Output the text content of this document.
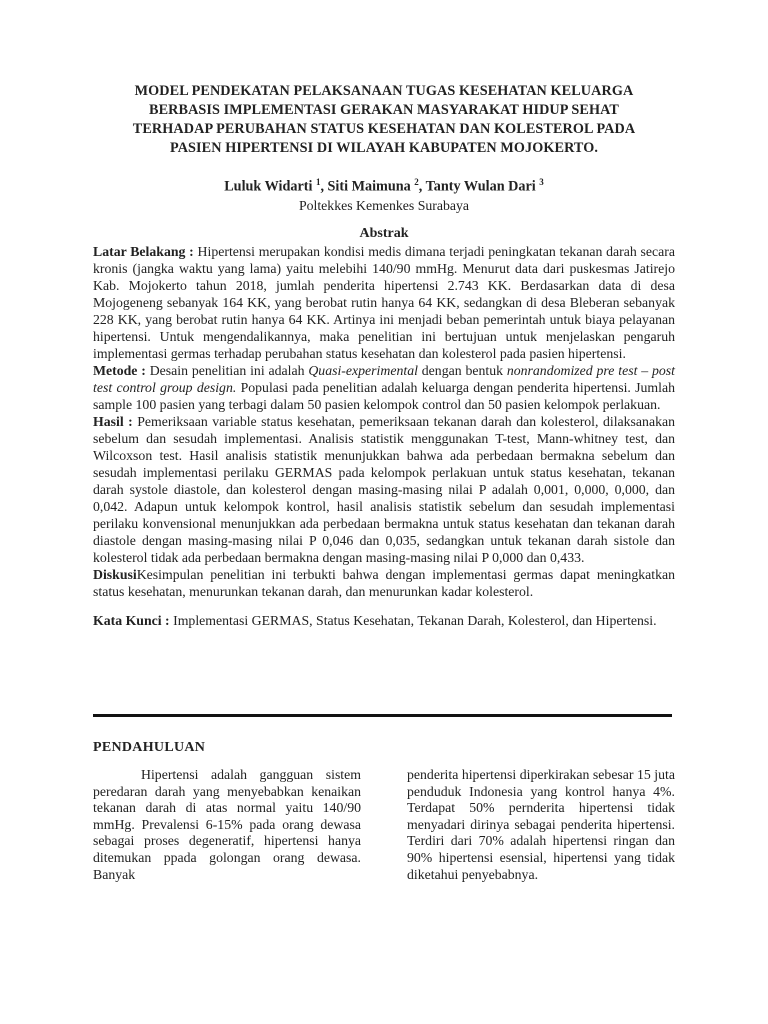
MODEL PENDEKATAN PELAKSANAAN TUGAS KESEHATAN KELUARGA
BERBASIS IMPLEMENTASI GERAKAN MASYARAKAT HIDUP SEHAT
TERHADAP PERUBAHAN STATUS KESEHATAN DAN KOLESTEROL PADA
PASIEN HIPERTENSI DI WILAYAH KABUPATEN MOJOKERTO.
Luluk Widarti $^1$, Siti Maimuna $^2$, Tanty Wulan Dari $^3$
Poltekkes Kemenkes Surabaya
Abstrak

Latar Belakang : Hipertensi merupakan kondisi medis dimana terjadi peningkatan tekanan darah secara kronis (jangka waktu yang lama) yaitu melebihi 140/90 mmHg. Menurut data dari puskesmas Jatirejo Kab. Mojokerto tahun 2018, jumlah penderita hipertensi 2.743 KK. Berdasarkan data di desa Mojogeneng sebanyak 164 KK, yang berobat rutin hanya 64 KK, sedangkan di desa Bleberan sebanyak 228 KK, yang berobat rutin hanya 64 KK. Artinya ini menjadi beban pemerintah untuk biaya pelayanan hipertensi. Untuk mengendalikannya, maka penelitian ini bertujuan untuk menjelaskan pengaruh implementasi germas terhadap perubahan status kesehatan dan kolesterol pada pasien hipertensi.

Metode : Desain penelitian ini adalah Quasi-experimental dengan bentuk nonrandomized pre test – post test control group design. Populasi pada penelitian adalah keluarga dengan penderita hipertensi. Jumlah sample 100 pasien yang terbagi dalam 50 pasien kelompok control dan 50 pasien kelompok perlakuan.

Hasil : Pemeriksaan variable status kesehatan, pemeriksaan tekanan darah dan kolesterol, dilaksanakan sebelum dan sesudah implementasi. Analisis statistik menggunakan T-test, Mann-whitney test, dan Wilcoxson test. Hasil analisis statistik menunjukkan bahwa ada perbedaan bermakna sebelum dan sesudah implementasi perilaku GERMAS pada kelompok perlakuan untuk status kesehatan, tekanan darah systole diastole, dan kolesterol dengan masing-masing nilai P adalah 0,001, 0,000, 0,000, dan 0,042. Adapun untuk kelompok kontrol, hasil analisis statistik sebelum dan sesudah implementasi perilaku konvensional menunjukkan ada perbedaan bermakna untuk status kesehatan dan tekanan darah diastole dengan masing-masing nilai P 0,046 dan 0,035, sedangkan untuk tekanan darah sistole dan kolesterol tidak ada perbedaan bermakna dengan masing-masing nilai P 0,000 dan 0,433.

DiskusiKesimpulan penelitian ini terbukti bahwa dengan implementasi germas dapat meningkatkan status kesehatan, menurunkan tekanan darah, dan menurunkan kadar kolesterol.

Kata Kunci : Implementasi GERMAS, Status Kesehatan, Tekanan Darah, Kolesterol, dan Hipertensi.

PENDAHULUAN
Hipertensi adalah gangguan sistem peredaran darah yang menyebabkan kenaikan tekanan darah di atas normal yaitu 140/90 mmHg. Prevalensi 6-15% pada orang dewasa sebagai proses degeneratif, hipertensi hanya ditemukan ppada golongan orang dewasa. Banyak
penderita hipertensi diperkirakan sebesar 15 juta penduduk Indonesia yang kontrol hanya 4%. Terdapat 50% pernderita hipertensi tidak menyadari dirinya sebagai penderita hipertensi. Terdiri dari 70% adalah hipertensi ringan dan 90% hipertensi esensial, hipertensi yang tidak diketahui penyebabnya.
